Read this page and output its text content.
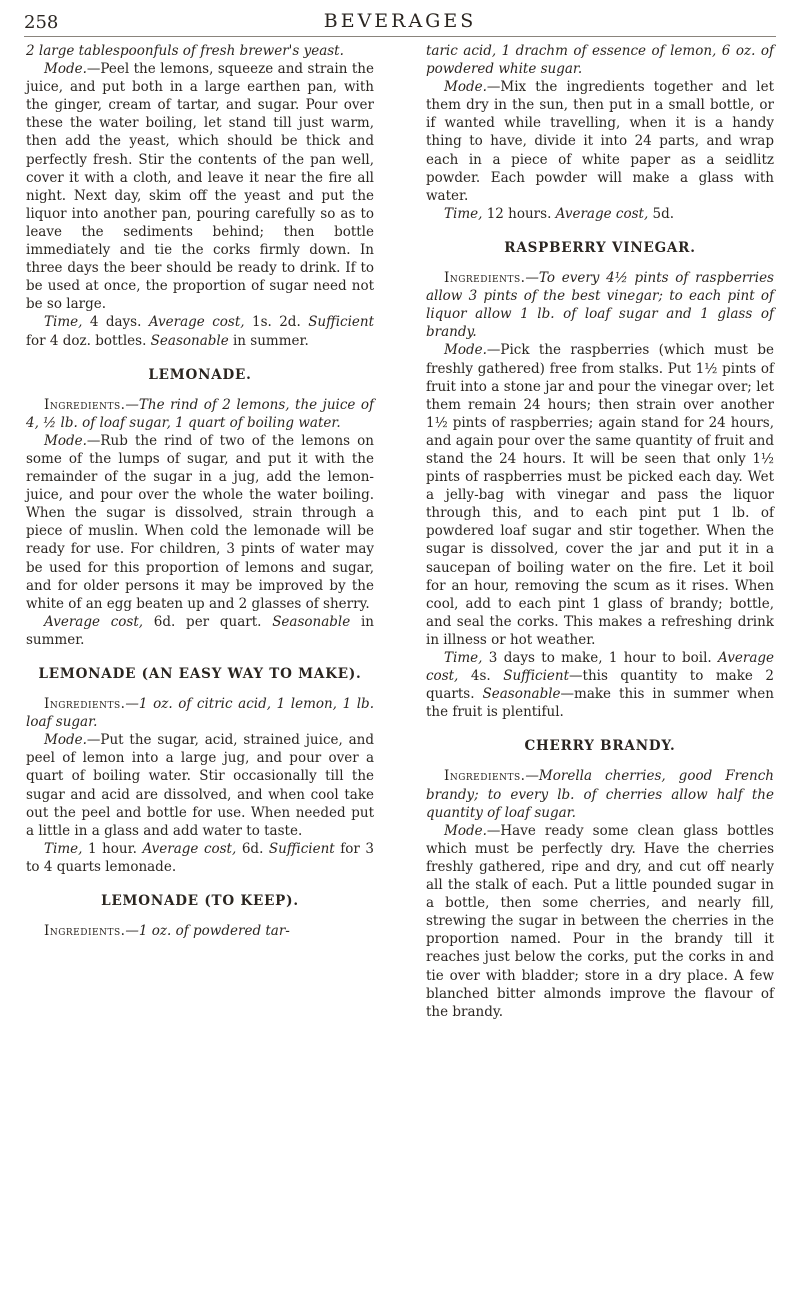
258	BEVERAGES

2 large tablespoonfuls of fresh brewer's yeast.

Mode.—Peel the lemons, squeeze and strain the juice, and put both in a large earthen pan, with the ginger, cream of tartar, and sugar. Pour over these the water boiling, let stand till just warm, then add the yeast, which should be thick and perfectly fresh. Stir the contents of the pan well, cover it with a cloth, and leave it near the fire all night. Next day, skim off the yeast and put the liquor into another pan, pouring carefully so as to leave the sediments behind; then bottle immediately and tie the corks firmly down. In three days the beer should be ready to drink. If to be used at once, the proportion of sugar need not be so large.

Time, 4 days. Average cost, 1s. 2d. Sufficient for 4 doz. bottles. Seasonable in summer.

LEMONADE.

Ingredients.—The rind of 2 lemons, the juice of 4, ½ lb. of loaf sugar, 1 quart of boiling water.

Mode.—Rub the rind of two of the lemons on some of the lumps of sugar, and put it with the remainder of the sugar in a jug, add the lemon-juice, and pour over the whole the water boiling. When the sugar is dissolved, strain through a piece of muslin. When cold the lemonade will be ready for use. For children, 3 pints of water may be used for this proportion of lemons and sugar, and for older persons it may be improved by the white of an egg beaten up and 2 glasses of sherry.

Average cost, 6d. per quart. Seasonable in summer.

LEMONADE (AN EASY WAY TO MAKE).

Ingredients.—1 oz. of citric acid, 1 lemon, 1 lb. loaf sugar.

Mode.—Put the sugar, acid, strained juice, and peel of lemon into a large jug, and pour over a quart of boiling water. Stir occasionally till the sugar and acid are dissolved, and when cool take out the peel and bottle for use. When needed put a little in a glass and add water to taste.

Time, 1 hour. Average cost, 6d. Sufficient for 3 to 4 quarts lemonade.

LEMONADE (TO KEEP).

Ingredients.—1 oz. of powdered tar-

taric acid, 1 drachm of essence of lemon, 6 oz. of powdered white sugar.

Mode.—Mix the ingredients together and let them dry in the sun, then put in a small bottle, or if wanted while travelling, when it is a handy thing to have, divide it into 24 parts, and wrap each in a piece of white paper as a seidlitz powder. Each powder will make a glass with water.

Time, 12 hours. Average cost, 5d.

RASPBERRY VINEGAR.

Ingredients.—To every 4½ pints of raspberries allow 3 pints of the best vinegar; to each pint of liquor allow 1 lb. of loaf sugar and 1 glass of brandy.

Mode.—Pick the raspberries (which must be freshly gathered) free from stalks. Put 1½ pints of fruit into a stone jar and pour the vinegar over; let them remain 24 hours; then strain over another 1½ pints of raspberries; again stand for 24 hours, and again pour over the same quantity of fruit and stand the 24 hours. It will be seen that only 1½ pints of raspberries must be picked each day. Wet a jelly-bag with vinegar and pass the liquor through this, and to each pint put 1 lb. of powdered loaf sugar and stir together. When the sugar is dissolved, cover the jar and put it in a saucepan of boiling water on the fire. Let it boil for an hour, removing the scum as it rises. When cool, add to each pint 1 glass of brandy; bottle, and seal the corks. This makes a refreshing drink in illness or hot weather.

Time, 3 days to make, 1 hour to boil. Average cost, 4s. Sufficient—this quantity to make 2 quarts. Seasonable—make this in summer when the fruit is plentiful.

CHERRY BRANDY.

Ingredients.—Morella cherries, good French brandy; to every lb. of cherries allow half the quantity of loaf sugar.

Mode.—Have ready some clean glass bottles which must be perfectly dry. Have the cherries freshly gathered, ripe and dry, and cut off nearly all the stalk of each. Put a little pounded sugar in a bottle, then some cherries, and nearly fill, strewing the sugar in between the cherries in the proportion named. Pour in the brandy till it reaches just below the corks, put the corks in and tie over with bladder; store in a dry place. A few blanched bitter almonds improve the flavour of the brandy.
